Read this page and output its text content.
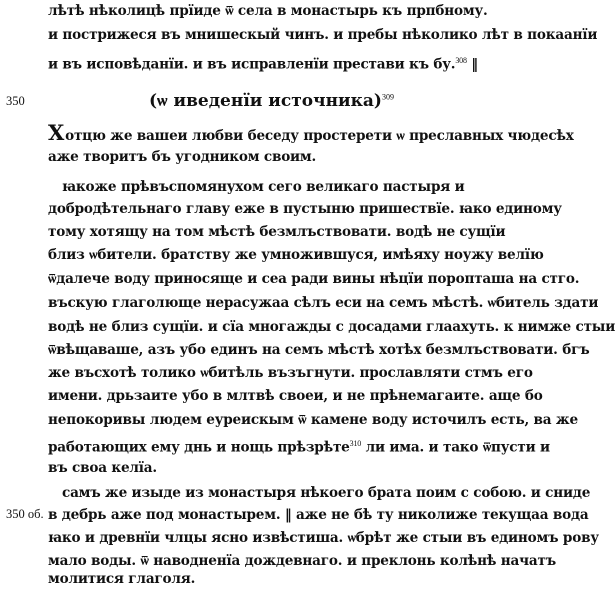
лѣтѣ нѣколицѣ прїиде ѿ села в монастырь къ прпбному.
и пострижеся въ мнишескый чинъ. и пребы нѣколико лѣт в покаанїи
и въ исповѣданїи. и въ исправленїи престави къ бу.$^{308}$ ‖
350	(ѡ иведенїи источника)$^{309}$
Хотцю же вашеи любви беседу простерети ѡ преславных чюдесѣх
аже творитъ бъ угодником своим.
ꙗкоже прѣвъспомянухом сего великаго пастыря и
добродѣтельнаго главу еже в пустыню пришествїе. ꙗко единому
тому хотящу на том мѣстѣ безмлъствовати. водѣ не сущїи
близ ѡбители. братству же умножившуся, имѣяху ноужу велїю
ѿдалече воду приносяще и сеа ради вины нѣцїи поропташа на стго.
въскую глаголюще нерасужаа сѣлъ еси на семъ мѣстѣ. ѡбитель здати
водѣ не близ сущїи. и сїа многажды с досадами глаахуть. к нимже стыи
ѿвѣщаваше, азъ убо единъ на семъ мѣстѣ хотѣх безмлъствовати. бгъ
же въсхотѣ толико ѡбитѣль възъгнути. прославляти стмъ его
имени. дрьзаите убо в млтвѣ своеи, и не прѣнемагаите. аще бо
непокоривы людем еуреискым ѿ камене воду источилъ есть, ва же
работающих ему днь и нощь прѣзрѣте$^{310}$ ли има. и тако ѿпусти и
въ своа келїа.
самъ же изыде из монастыря нѣкоего брата поим с собою. и сниде
350 об. в дебрь аже под монастырем. ‖ аже не бѣ ту николиже текущаа вода
ꙗко и древнїи члцы ясно извѣстиша. ѡбрѣт же стыи въ единомъ рову
мало воды. ѿ наводненїа дождевнаго. и преклонь колѣнѣ начатъ
молитися глаголя.
